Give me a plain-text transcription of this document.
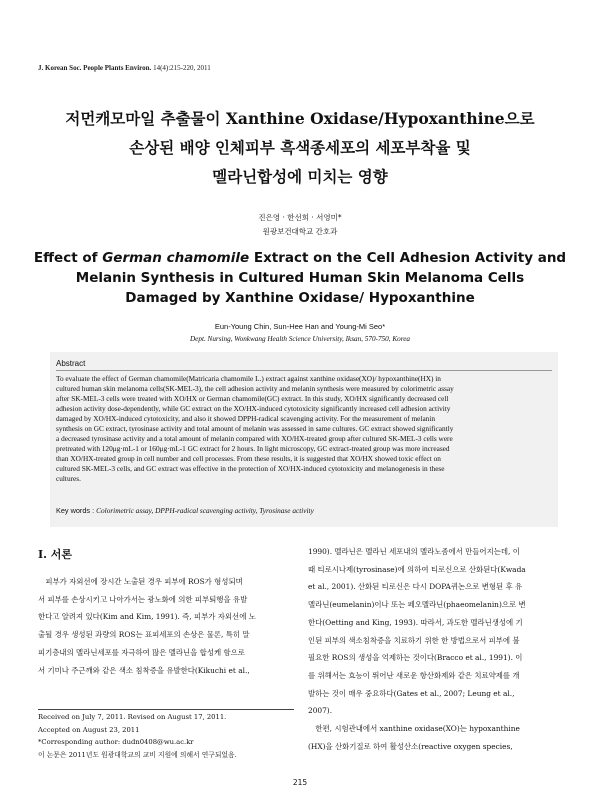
J. Korean Soc. People Plants Environ. 14(4):215-220, 2011
저먼캐모마일 추출물이 Xanthine Oxidase/Hypoxanthine으로
손상된 배양 인체피부 흑색종세포의 세포부착율 및
멜라닌합성에 미치는 영향
진은영 · 한선희 · 서영미*
원광보건대학교 간호과
Effect of German chamomile Extract on the Cell Adhesion Activity and
Melanin Synthesis in Cultured Human Skin Melanoma Cells
Damaged by Xanthine Oxidase/ Hypoxanthine
Eun-Young Chin, Sun-Hee Han and Young-Mi Seo*
Dept. Nursing, Wonkwang Health Science University, Iksan, 570-750, Korea
Abstract
To evaluate the effect of German chamomile(Matricaria chamomile L.) extract against xanthine oxidase(XO)/ hypoxanthine(HX) in
cultured human skin melanoma cells(SK-MEL-3), the cell adhesion activity and melanin synthesis were measured by colorimetric assay
after SK-MEL-3 cells were treated with XO/HX or German chamomile(GC) extract. In this study, XO/HX significantly decreased cell
adhesion activity dose-dependently, while GC extract on the XO/HX-induced cytotoxicity significantly increased cell adhesion activity
damaged by XO/HX-induced cytotoxicity, and also it showed DPPH-radical scavenging activity. For the measurement of melanin
synthesis on GC extract, tyrosinase activity and total amount of melanin was assessed in same cultures. GC extract showed significantly
a decreased tyrosinase activity and a total amount of melanin compared with XO/HX-treated group after cultured SK-MEL-3 cells were
pretreated with 120μg·mL-1 or 160μg·mL-1 GC extract for 2 hours. In light microscopy, GC extract-treated group was more increased
than XO/HX-treated group in cell number and cell processes. From these results, it is suggested that XO/HX showed toxic effect on
cultured SK-MEL-3 cells, and GC extract was effective in the protection of XO/HX-induced cytotoxicity and melanogenesis in these
cultures.
Key words : Colorimetric assay, DPPH-radical scavenging activity, Tyrosinase activity
Ⅰ. 서론
　피부가 자외선에 장시간 노출된 경우 피부에 ROS가 형성되며
서 피부를 손상시키고 나아가서는 광노화에 의한 피부퇴행을 유발
한다고 알려져 있다(Kim and Kim, 1991). 즉, 피부가 자외선에 노
출될 경우 생성된 과량의 ROS는 표피세포의 손상은 물론, 특히 말
피기층내의 멜라닌세포를 자극하여 많은 멜라닌을 합성케 함으로
서 기미나 주근깨와 같은 색소 침착증을 유발한다(Kikuchi et al.,
1990). 멜라닌은 멜라닌 세포내의 멜라노좀에서 만들어지는데, 이
때 티로시나제(tyrosinase)에 의하여 티로신으로 산화된다(Kwada
et al., 2001). 산화된 티로신은 다시 DOPA퀴논으로 변형된 후 유
멜라닌(eumelanin)이나 또는 페오멜라닌(phaeomelanin)으로 변
한다(Oetting and King, 1993). 따라서, 과도한 멜라닌생성에 기
인된 피부의 색소침착증을 치료하기 위한 한 방법으로서 피부에 불
필요한 ROS의 생성을 억제하는 것이다(Bracco et al., 1991). 이
를 위해서는 효능이 뛰어난 새로운 항산화제와 같은 치료약제를 개
발하는 것이 매우 중요하다(Gates et al., 2007; Leung et al.,
2007).
　한편, 시험관내에서 xanthine oxidase(XO)는 hypoxanthine
(HX)을 산화기질로 하여 활성산소(reactive oxygen species,
Received on July 7, 2011. Revised on August 17, 2011.
Accepted on August 23, 2011
*Corresponding author: dudn0408@wu.ac.kr
이 논문은 2011년도 원광대학교의 교비 지원에 의해서 연구되었음.
215
